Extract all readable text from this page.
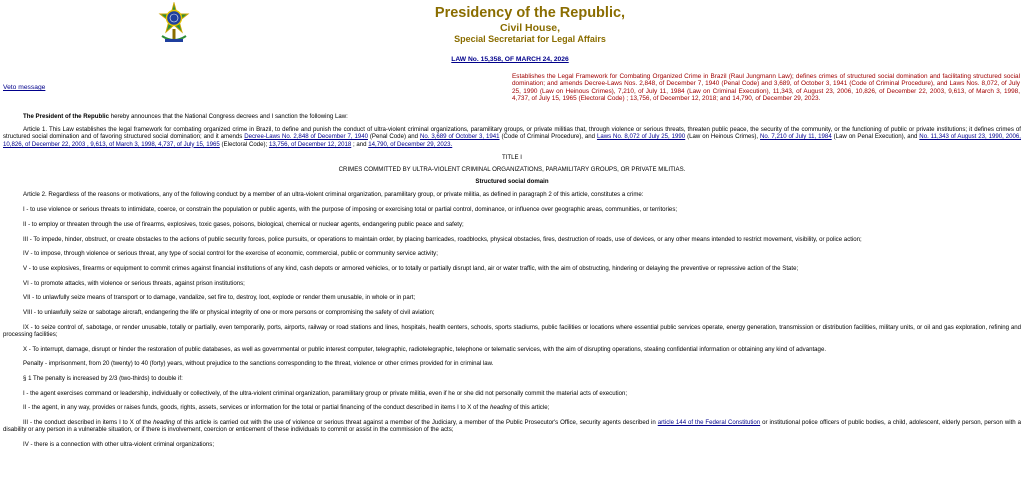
Presidency of the Republic,
Civil House,
Special Secretariat for Legal Affairs
LAW No. 15,358, OF MARCH 24, 2026
Veto message
Establishes the Legal Framework for Combating Organized Crime in Brazil (Raul Jungmann Law); defines crimes of structured social domination and facilitating structured social domination; and amends Decree-Laws Nos. 2,848, of December 7, 1940 (Penal Code) and 3,689, of October 3, 1941 (Code of Criminal Procedure), and Laws Nos. 8,072, of July 25, 1990 (Law on Heinous Crimes), 7,210, of July 11, 1984 (Law on Criminal Execution), 11,343, of August 23, 2006, 10,826, of December 22, 2003, 9,613, of March 3, 1998, 4,737, of July 15, 1965 (Electoral Code) ; 13,756, of December 12, 2018; and 14,790, of December 29, 2023.

The President of the Republic hereby announces that the National Congress decrees and I sanction the following Law:

Article 1. This Law establishes the legal framework for combating organized crime in Brazil, to define and punish the conduct of ultra-violent criminal organizations, paramilitary groups, or private militias that, through violence or serious threats, threaten public peace, the security of the community, or the functioning of public or private institutions; it defines crimes of structured social domination and of favoring structured social domination; and it amends Decree-Laws No. 2,848 of December 7, 1940 (Penal Code) and No. 3,689 of October 3, 1941 (Code of Criminal Procedure), and Laws No. 8,072 of July 25, 1990 (Law on Heinous Crimes), No. 7,210 of July 11, 1984 (Law on Penal Execution), and No. 11,343 of August 23, 1990, 2006, 10,826, of December 22, 2003 , 9,613, of March 3, 1998, 4,737, of July 15, 1965 (Electoral Code); 13,756, of December 12, 2018 ; and 14,790, of December 29, 2023.

TITLE I

CRIMES COMMITTED BY ULTRA-VIOLENT CRIMINAL ORGANIZATIONS, PARAMILITARY GROUPS, OR PRIVATE MILITIAS.

Structured social domain

Article 2. Regardless of the reasons or motivations, any of the following conduct by a member of an ultra-violent criminal organization, paramilitary group, or private militia, as defined in paragraph 2 of this article, constitutes a crime:

I - to use violence or serious threats to intimidate, coerce, or constrain the population or public agents, with the purpose of imposing or exercising total or partial control, dominance, or influence over geographic areas, communities, or territories;

II - to employ or threaten through the use of firearms, explosives, toxic gases, poisons, biological, chemical or nuclear agents, endangering public peace and safety;

III - To impede, hinder, obstruct, or create obstacles to the actions of public security forces, police pursuits, or operations to maintain order, by placing barricades, roadblocks, physical obstacles, fires, destruction of roads, use of devices, or any other means intended to restrict movement, visibility, or police action;

IV - to impose, through violence or serious threat, any type of social control for the exercise of economic, commercial, public or community service activity;

V - to use explosives, firearms or equipment to commit crimes against financial institutions of any kind, cash depots or armored vehicles, or to totally or partially disrupt land, air or water traffic, with the aim of obstructing, hindering or delaying the preventive or repressive action of the State;

VI - to promote attacks, with violence or serious threats, against prison institutions;

VII - to unlawfully seize means of transport or to damage, vandalize, set fire to, destroy, loot, explode or render them unusable, in whole or in part;

VIII - to unlawfully seize or sabotage aircraft, endangering the life or physical integrity of one or more persons or compromising the safety of civil aviation;

IX - to seize control of, sabotage, or render unusable, totally or partially, even temporarily, ports, airports, railway or road stations and lines, hospitals, health centers, schools, sports stadiums, public facilities or locations where essential public services operate, energy generation, transmission or distribution facilities, military units, or oil and gas exploration, refining and processing facilities;

X - To interrupt, damage, disrupt or hinder the restoration of public databases, as well as governmental or public interest computer, telegraphic, radiotelegraphic, telephone or telematic services, with the aim of disrupting operations, stealing confidential information or obtaining any kind of advantage.

Penalty - imprisonment, from 20 (twenty) to 40 (forty) years, without prejudice to the sanctions corresponding to the threat, violence or other crimes provided for in criminal law.

§ 1 The penalty is increased by 2/3 (two-thirds) to double if:

I - the agent exercises command or leadership, individually or collectively, of the ultra-violent criminal organization, paramilitary group or private militia, even if he or she did not personally commit the material acts of execution;

II - the agent, in any way, provides or raises funds, goods, rights, assets, services or information for the total or partial financing of the conduct described in items I to X of the heading of this article;

III - the conduct described in items I to X of the heading of this article is carried out with the use of violence or serious threat against a member of the Judiciary, a member of the Public Prosecutor's Office, security agents described in article 144 of the Federal Constitution or institutional police officers of public bodies, a child, adolescent, elderly person, person with a disability or any person in a vulnerable situation, or if there is involvement, coercion or enticement of these individuals to commit or assist in the commission of the acts;

IV - there is a connection with other ultra-violent criminal organizations;
